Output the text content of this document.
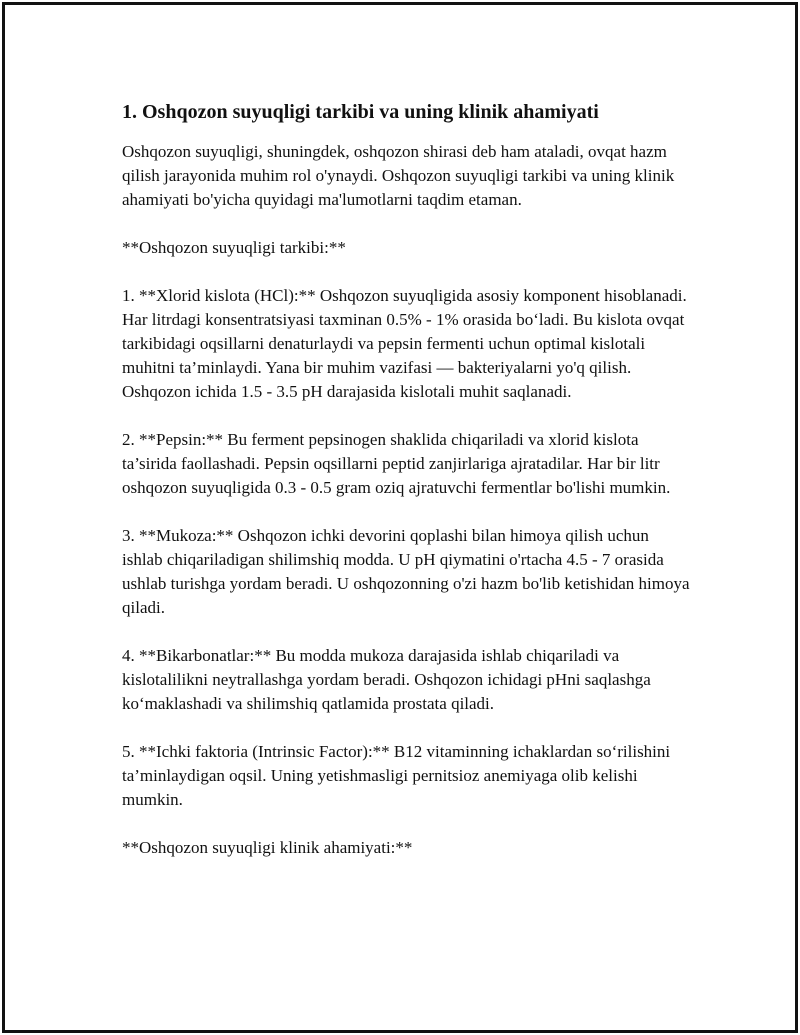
1. Oshqozon suyuqligi tarkibi va uning klinik ahamiyati

Oshqozon suyuqligi, shuningdek, oshqozon shirasi deb ham ataladi, ovqat hazm qilish jarayonida muhim rol o'ynaydi. Oshqozon suyuqligi tarkibi va uning klinik ahamiyati bo'yicha quyidagi ma'lumotlarni taqdim etaman.

**Oshqozon suyuqligi tarkibi:**

1. **Xlorid kislota (HCl):** Oshqozon suyuqligida asosiy komponent hisoblanadi. Har litrdagi konsentratsiyasi taxminan 0.5% - 1% orasida bo‘ladi. Bu kislota ovqat tarkibidagi oqsillarni denaturlaydi va pepsin fermenti uchun optimal kislotali muhitni ta’minlaydi. Yana bir muhim vazifasi — bakteriyalarni yo'q qilish. Oshqozon ichida 1.5 - 3.5 pH darajasida kislotali muhit saqlanadi.

2. **Pepsin:** Bu ferment pepsinogen shaklida chiqariladi va xlorid kislota ta’sirida faollashadi. Pepsin oqsillarni peptid zanjirlariga ajratadilar. Har bir litr oshqozon suyuqligida 0.3 - 0.5 gram oziq ajratuvchi fermentlar bo'lishi mumkin.

3. **Mukoza:** Oshqozon ichki devorini qoplashi bilan himoya qilish uchun ishlab chiqariladigan shilimshiq modda. U pH qiymatini o'rtacha 4.5 - 7 orasida ushlab turishga yordam beradi. U oshqozonning o'zi hazm bo'lib ketishidan himoya qiladi.

4. **Bikarbonatlar:** Bu modda mukoza darajasida ishlab chiqariladi va kislotalilikni neytrallashga yordam beradi. Oshqozon ichidagi pHni saqlashga ko‘maklashadi va shilimshiq qatlamida prostata qiladi.

5. **Ichki faktoria (Intrinsic Factor):** B12 vitaminning ichaklardan so‘rilishini ta’minlaydigan oqsil. Uning yetishmasligi pernitsioz anemiyaga olib kelishi mumkin.

**Oshqozon suyuqligi klinik ahamiyati:**
